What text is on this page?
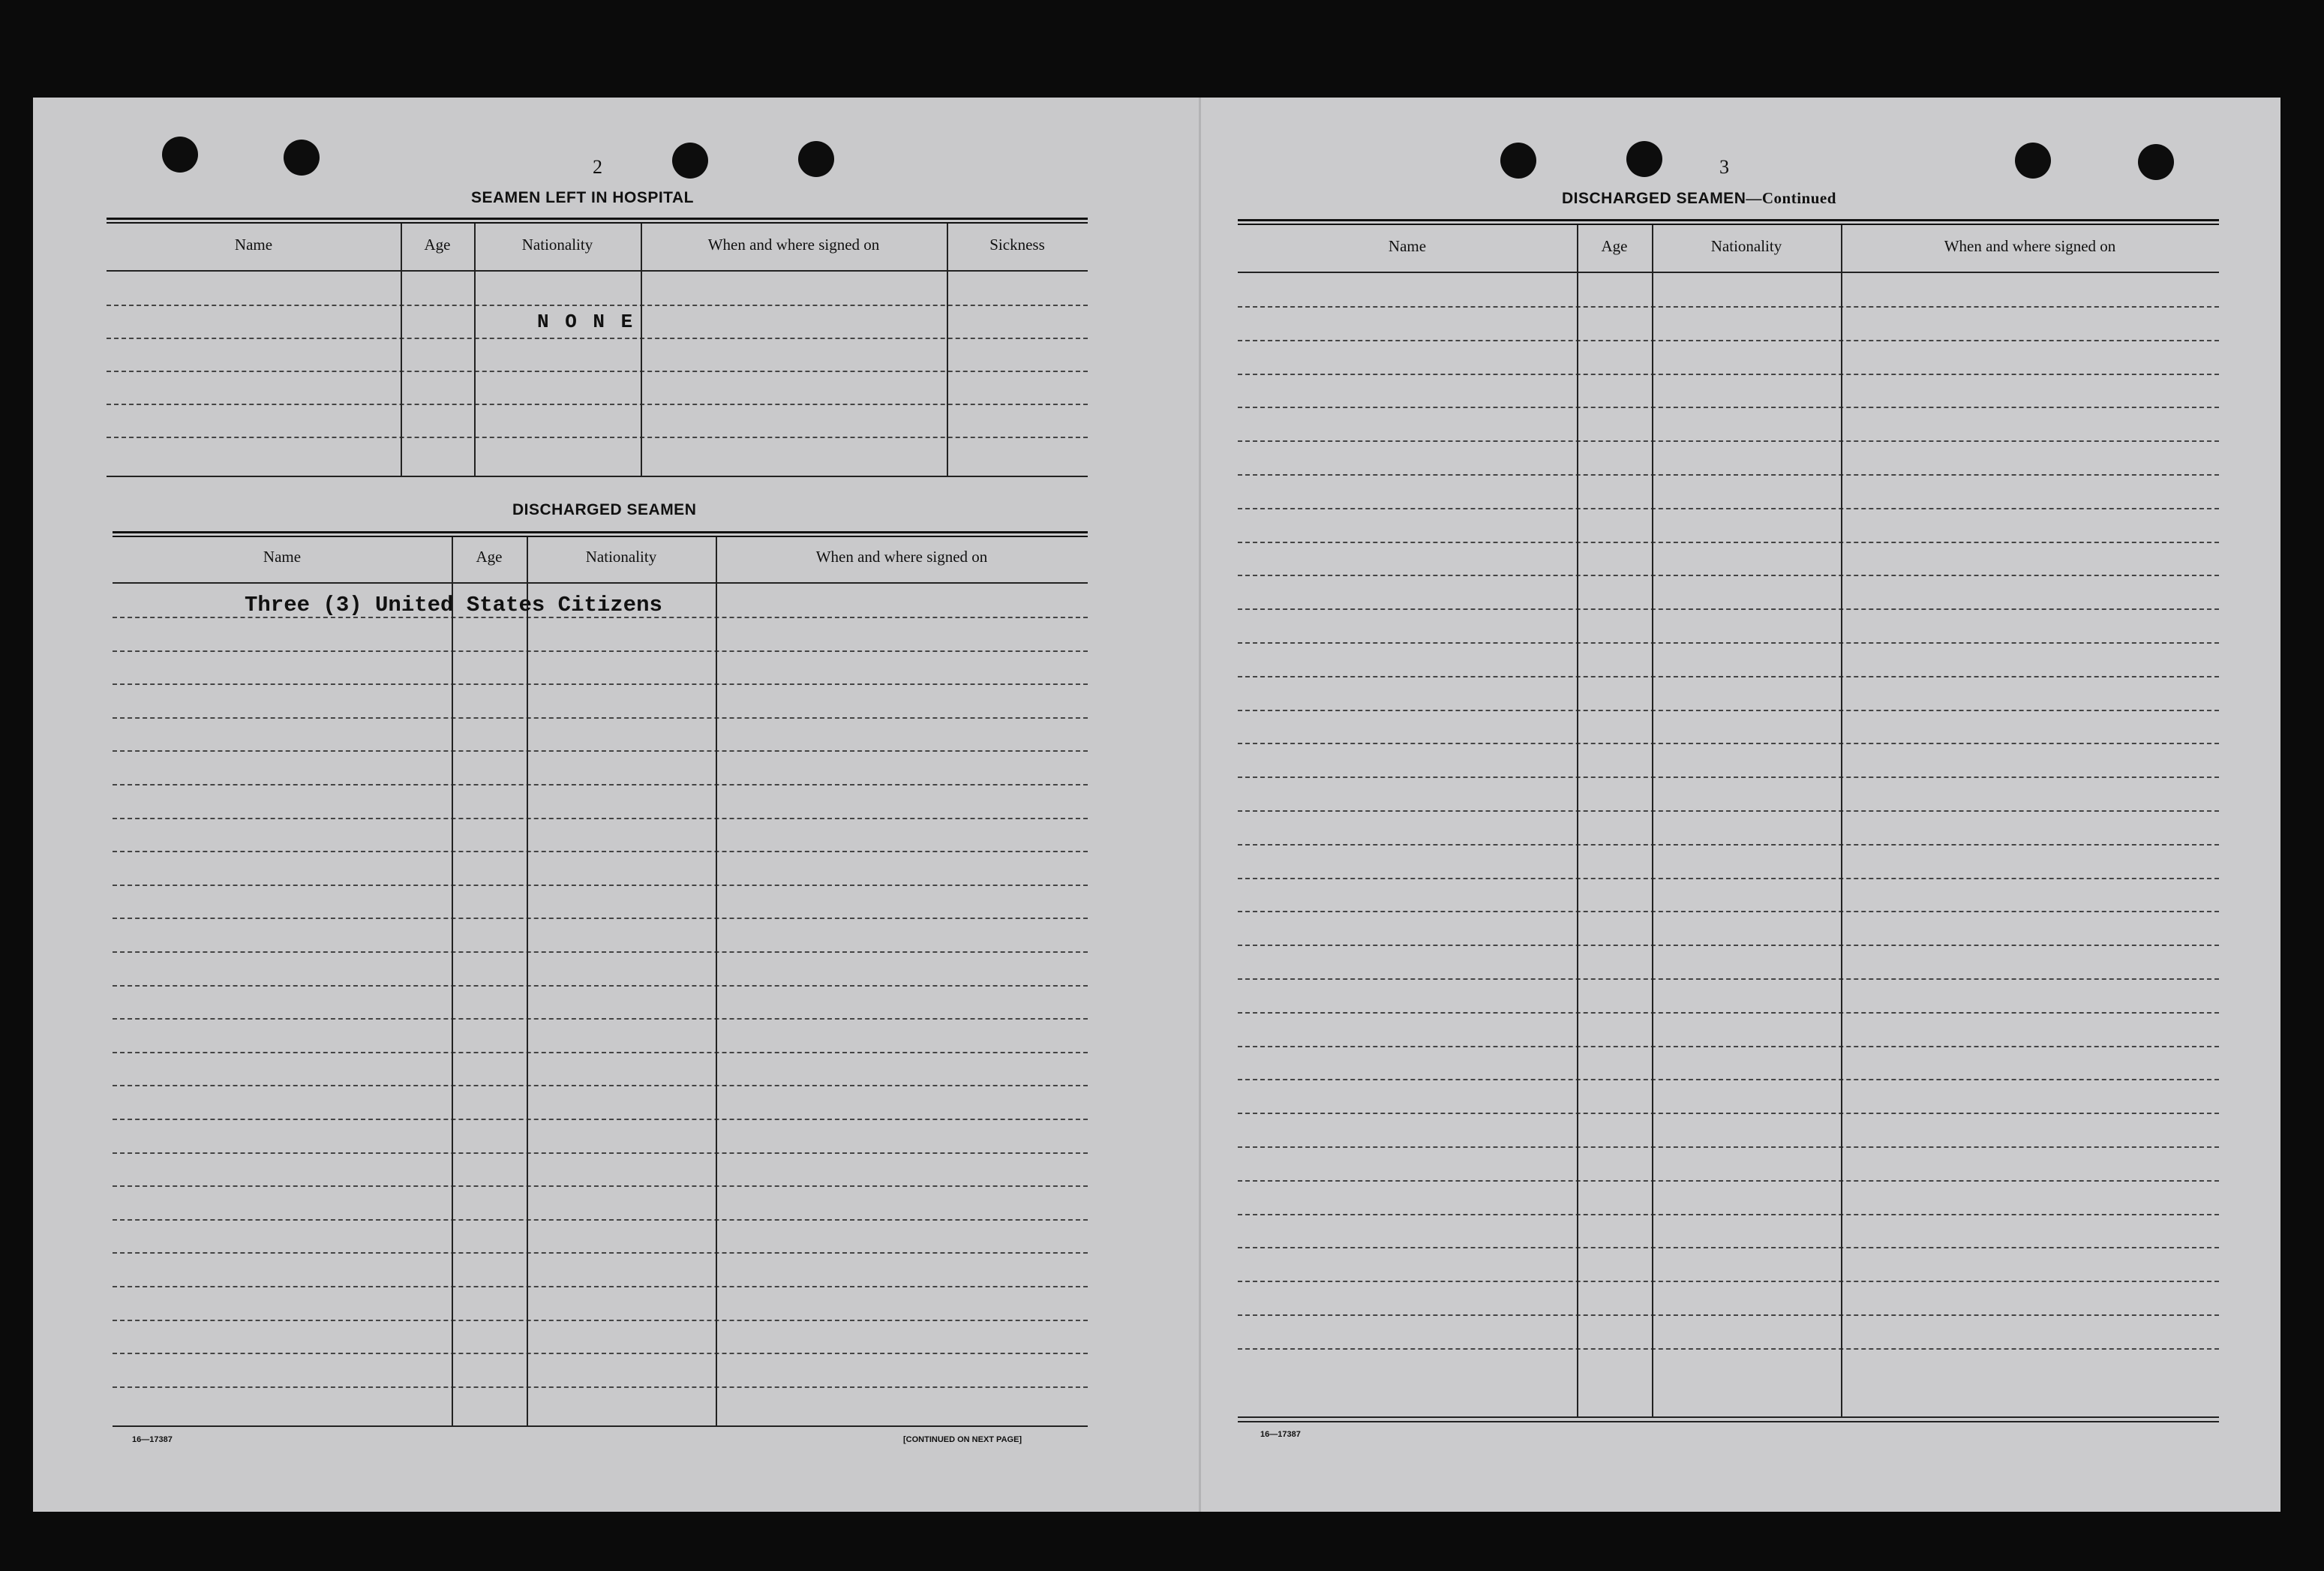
2
SEAMEN LEFT IN HOSPITAL
Name	Age	Nationality	When and where signed on	Sickness
N O N E
DISCHARGED SEAMEN
Name	Age	Nationality	When and where signed on
Three (3) United States Citizens
16—17387	[CONTINUED ON NEXT PAGE]
3
DISCHARGED SEAMEN—Continued
Name	Age	Nationality	When and where signed on
16—17387
